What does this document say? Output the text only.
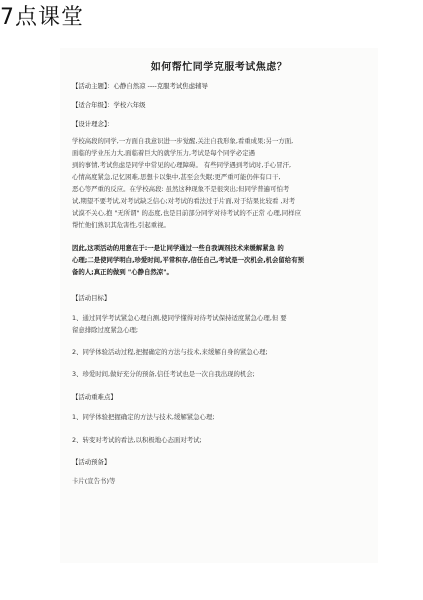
7点课堂
如何帮忙同学克服考试焦虑？
【活动主题】：心静自然凉 ----克服考试焦虑辅导
【适合年级】：学校六年级
【设计理念】：
学校高段的同学,一方面自我意识进一步觉醒,关注自我形象,看重成果;另一方面,
面临的学业压力大,面临着巨大的就学压力,考试是每个同学必定遇
到的事情,考试焦虑是同学中常见的心理障碍。 有些同学遇到考试时,手心冒汗,
心情高度紧急,记忆困难,思想卡以集中,甚至会失眠;更严重可能仍伴有口干,
恶心等严重的反应。在学校高段: 虽然这种现象不是很突出;但同学普遍可怕考
试,期望不要考试,对考试缺乏信心;对考试的看法过于片面,对于结果比较看 ,对考
试漠不关心,抱 "无所谓" 的态度,也是目前部分同学对待考试的不正常 心理,同样应
帮忙他们熟识其危害性,引起重视。
因此,这项活动的用意在于:一是让同学通过一些自我调剂技术来缓解紧急 的
心理;二是使同学明白,珍爱时间,平常积存,信任自己,考试是一次机会,机会留给有预
备的人;真正的做到 "心静自然凉"。
【活动目标】
1、通过同学考试紧急心理自测,使同学懂得对待考试保持适度紧急心理,但 要
留意排除过度紧急心理;
2、同学体验活动过程,把握确定的方法与技术,来缓解自身的紧急心理;
3、珍爱时间,做好充分的预备,信任考试也是一次自我出现的机会;
【活动重难点】
1、同学体验把握确定的方法与技术,缓解紧急心理;
2、转变对考试的看法,以积极地心态面对考试;
【活动预备】
卡片(宣告书)等
